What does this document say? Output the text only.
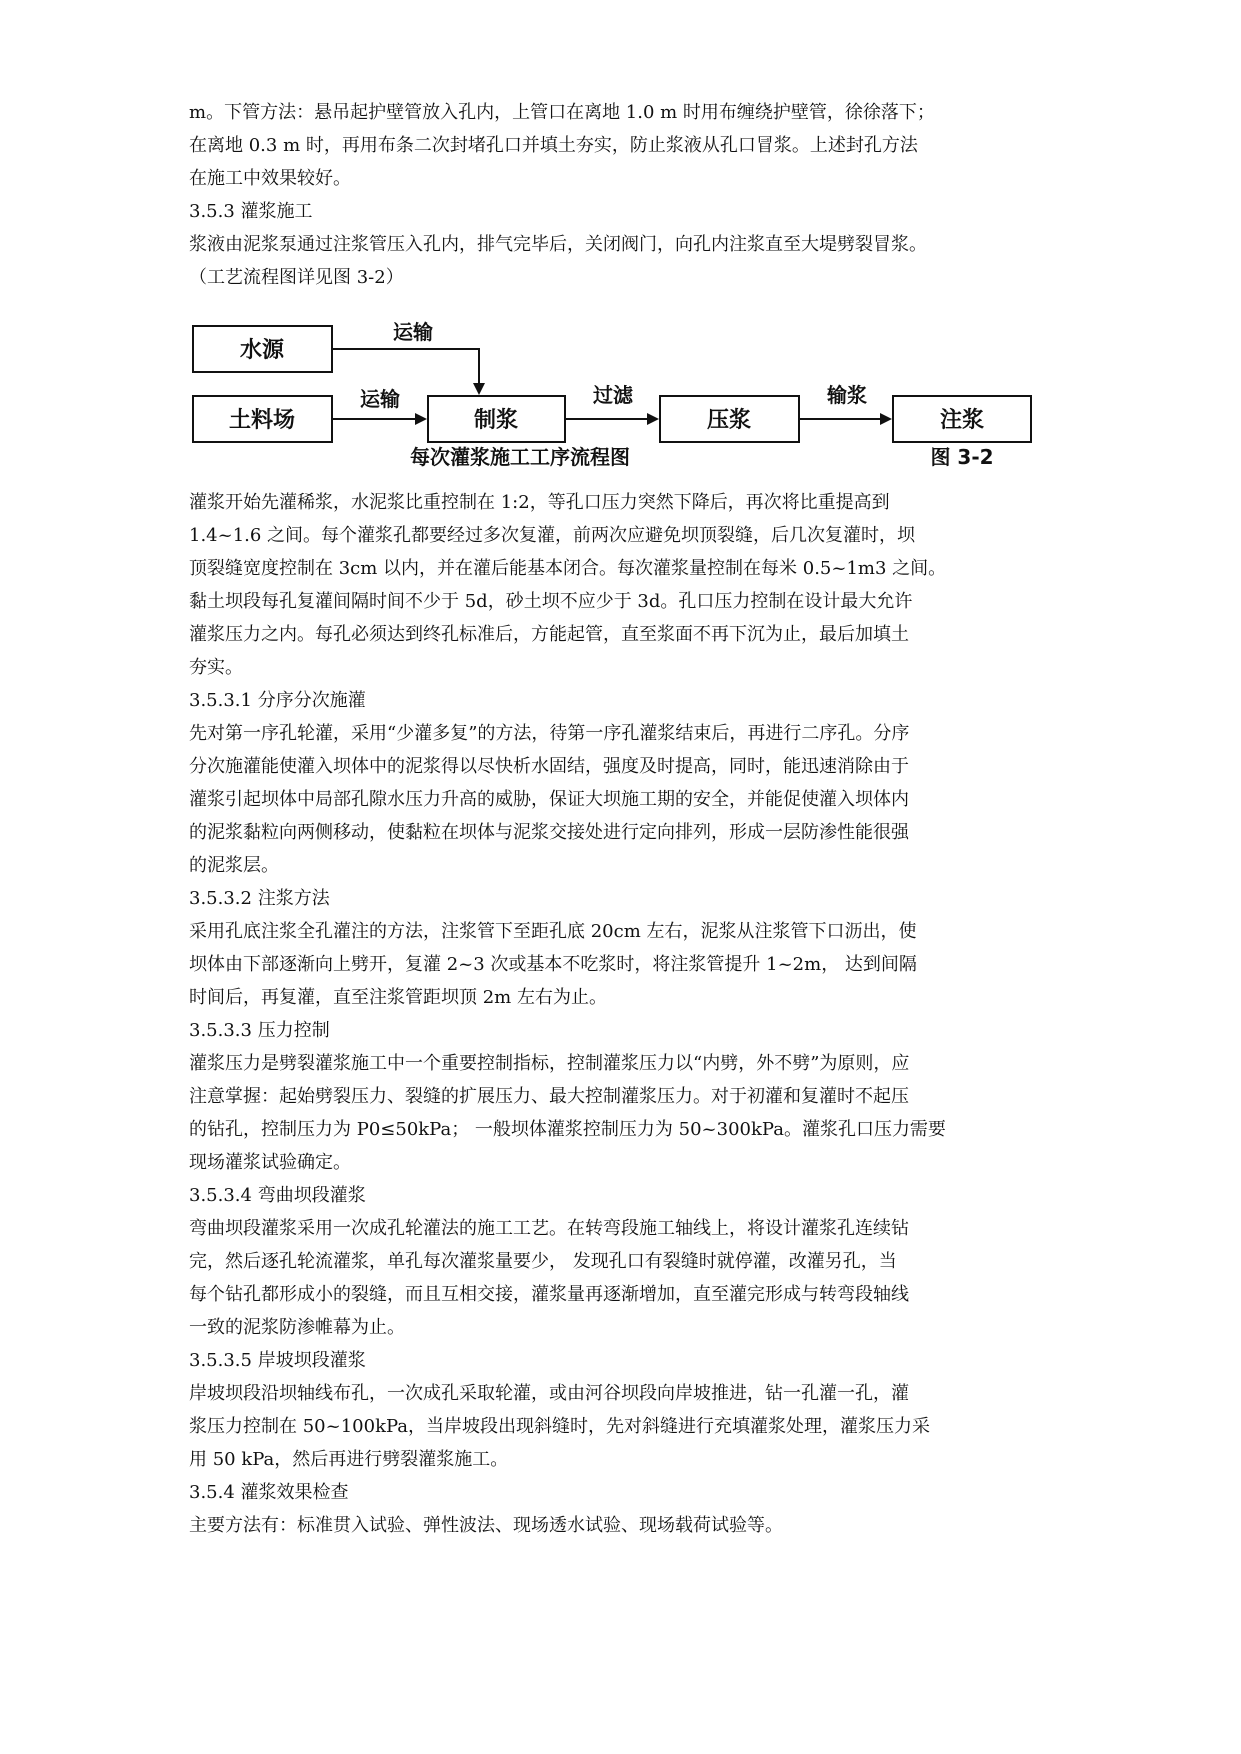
m。下管方法：悬吊起护壁管放入孔内，上管口在离地 1.0 m 时用布缠绕护壁管，徐徐落下；
在离地 0.3 m 时，再用布条二次封堵孔口并填土夯实，防止浆液从孔口冒浆。上述封孔方法
在施工中效果较好。
3.5.3 灌浆施工
浆液由泥浆泵通过注浆管压入孔内，排气完毕后，关闭阀门，向孔内注浆直至大堤劈裂冒浆。
（工艺流程图详见图 3-2）
水源
土料场	制浆	压浆	注浆
运输
运输	过滤	输浆
每次灌浆施工工序流程图	图 3-2
灌浆开始先灌稀浆，水泥浆比重控制在 1:2，等孔口压力突然下降后，再次将比重提高到
1.4~1.6 之间。每个灌浆孔都要经过多次复灌，前两次应避免坝顶裂缝，后几次复灌时，坝
顶裂缝宽度控制在 3cm 以内，并在灌后能基本闭合。每次灌浆量控制在每米 0.5~1m3 之间。
黏土坝段每孔复灌间隔时间不少于 5d，砂土坝不应少于 3d。孔口压力控制在设计最大允许
灌浆压力之内。每孔必须达到终孔标准后，方能起管，直至浆面不再下沉为止，最后加填土
夯实。
3.5.3.1 分序分次施灌
先对第一序孔轮灌，采用“少灌多复”的方法，待第一序孔灌浆结束后，再进行二序孔。分序
分次施灌能使灌入坝体中的泥浆得以尽快析水固结，强度及时提高，同时，能迅速消除由于
灌浆引起坝体中局部孔隙水压力升高的威胁，保证大坝施工期的安全，并能促使灌入坝体内
的泥浆黏粒向两侧移动，使黏粒在坝体与泥浆交接处进行定向排列，形成一层防渗性能很强
的泥浆层。
3.5.3.2 注浆方法
采用孔底注浆全孔灌注的方法，注浆管下至距孔底 20cm 左右，泥浆从注浆管下口沥出，使
坝体由下部逐渐向上劈开，复灌 2~3 次或基本不吃浆时，将注浆管提升 1~2m， 达到间隔
时间后，再复灌，直至注浆管距坝顶 2m 左右为止。
3.5.3.3 压力控制
灌浆压力是劈裂灌浆施工中一个重要控制指标，控制灌浆压力以“内劈，外不劈”为原则，应
注意掌握：起始劈裂压力、裂缝的扩展压力、最大控制灌浆压力。对于初灌和复灌时不起压
的钻孔，控制压力为 P0≤50kPa； 一般坝体灌浆控制压力为 50~300kPa。灌浆孔口压力需要
现场灌浆试验确定。
3.5.3.4 弯曲坝段灌浆
弯曲坝段灌浆采用一次成孔轮灌法的施工工艺。在转弯段施工轴线上，将设计灌浆孔连续钻
完，然后逐孔轮流灌浆，单孔每次灌浆量要少， 发现孔口有裂缝时就停灌，改灌另孔，当
每个钻孔都形成小的裂缝，而且互相交接，灌浆量再逐渐增加，直至灌完形成与转弯段轴线
一致的泥浆防渗帷幕为止。
3.5.3.5 岸坡坝段灌浆
岸坡坝段沿坝轴线布孔，一次成孔采取轮灌，或由河谷坝段向岸坡推进，钻一孔灌一孔，灌
浆压力控制在 50~100kPa，当岸坡段出现斜缝时，先对斜缝进行充填灌浆处理，灌浆压力采
用 50 kPa，然后再进行劈裂灌浆施工。
3.5.4 灌浆效果检查
主要方法有：标准贯入试验、弹性波法、现场透水试验、现场载荷试验等。
